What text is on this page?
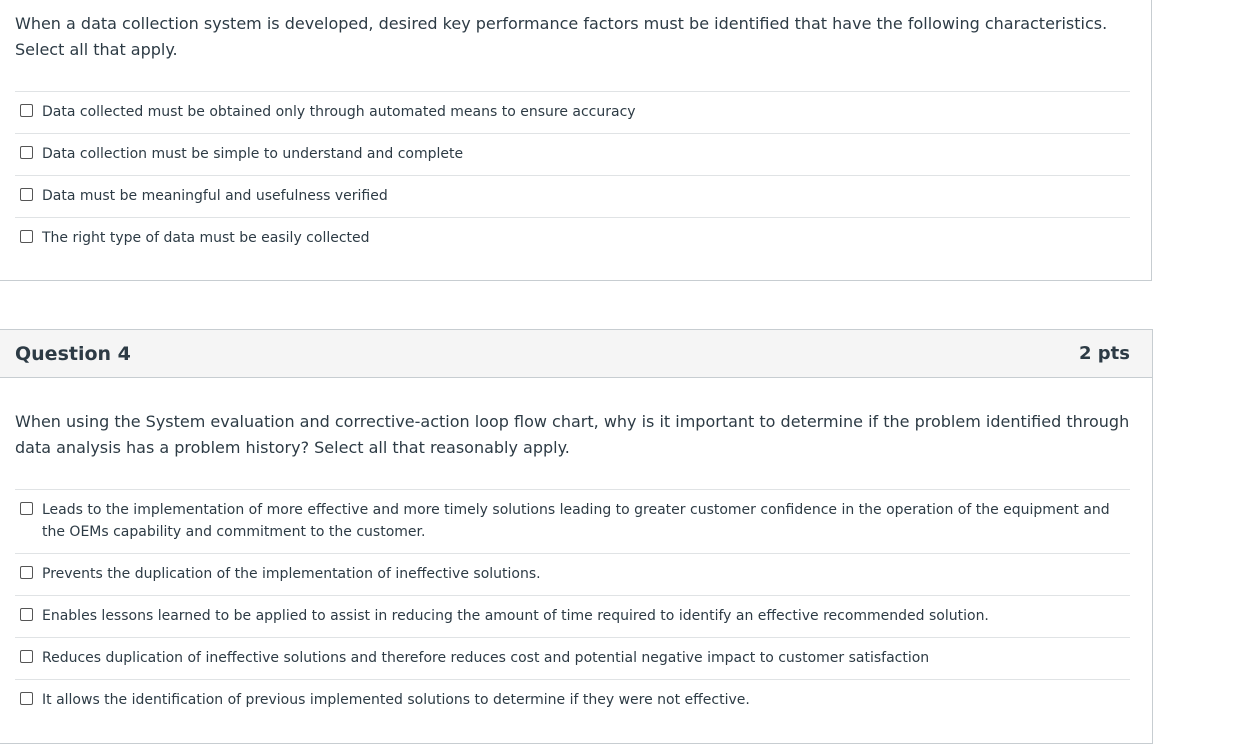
When a data collection system is developed, desired key performance factors must be identified that have the following characteristics. Select all that apply.
Data collected must be obtained only through automated means to ensure accuracy
Data collection must be simple to understand and complete
Data must be meaningful and usefulness verified
The right type of data must be easily collected
Question 4	2 pts
When using the System evaluation and corrective-action loop flow chart, why is it important to determine if the problem identified through data analysis has a problem history? Select all that reasonably apply.
Leads to the implementation of more effective and more timely solutions leading to greater customer confidence in the operation of the equipment and the OEMs capability and commitment to the customer.
Prevents the duplication of the implementation of ineffective solutions.
Enables lessons learned to be applied to assist in reducing the amount of time required to identify an effective recommended solution.
Reduces duplication of ineffective solutions and therefore reduces cost and potential negative impact to customer satisfaction
It allows the identification of previous implemented solutions to determine if they were not effective.
